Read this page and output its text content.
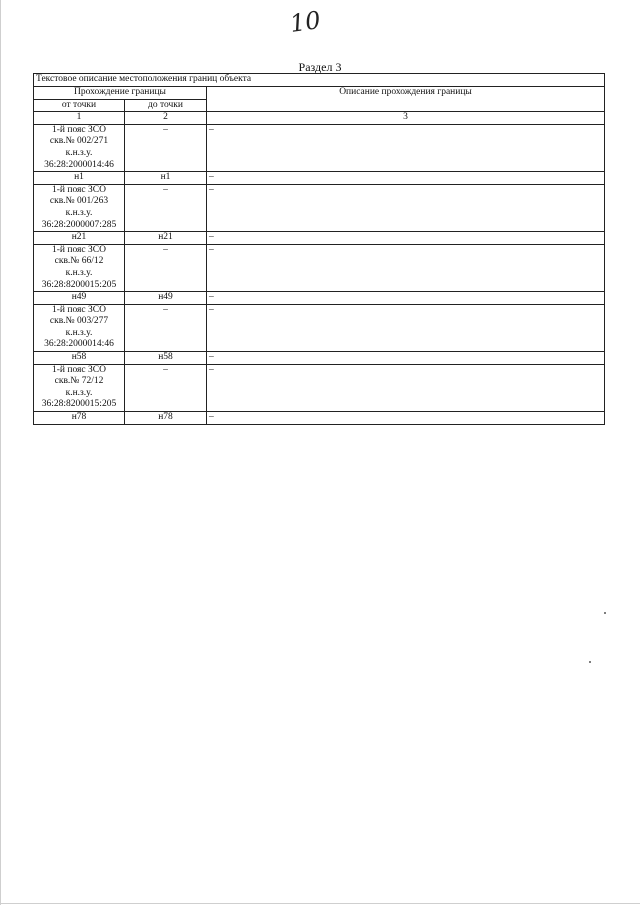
10
Раздел 3
Текстовое описание местоположения границ объекта		
Прохождение границы		Описание прохождения границы
от точки	до точки	
1	2	3

1-й пояс ЗСО
скв.№ 002/271
к.н.з.у.
36:28:2000014:46	–	–

н1	н1	–

1-й пояс ЗСО
скв.№ 001/263
к.н.з.у.
36:28:2000007:285	–	–

н21	н21	–

1-й пояс ЗСО
скв.№ 66/12
к.н.з.у.
36:28:8200015:205	–	–

н49	н49	–

1-й пояс ЗСО
скв.№ 003/277
к.н.з.у.
36:28:2000014:46	–	–

н58	н58	–

1-й пояс ЗСО
скв.№ 72/12
к.н.з.у.
36:28:8200015:205	–	–

н78	н78	–
